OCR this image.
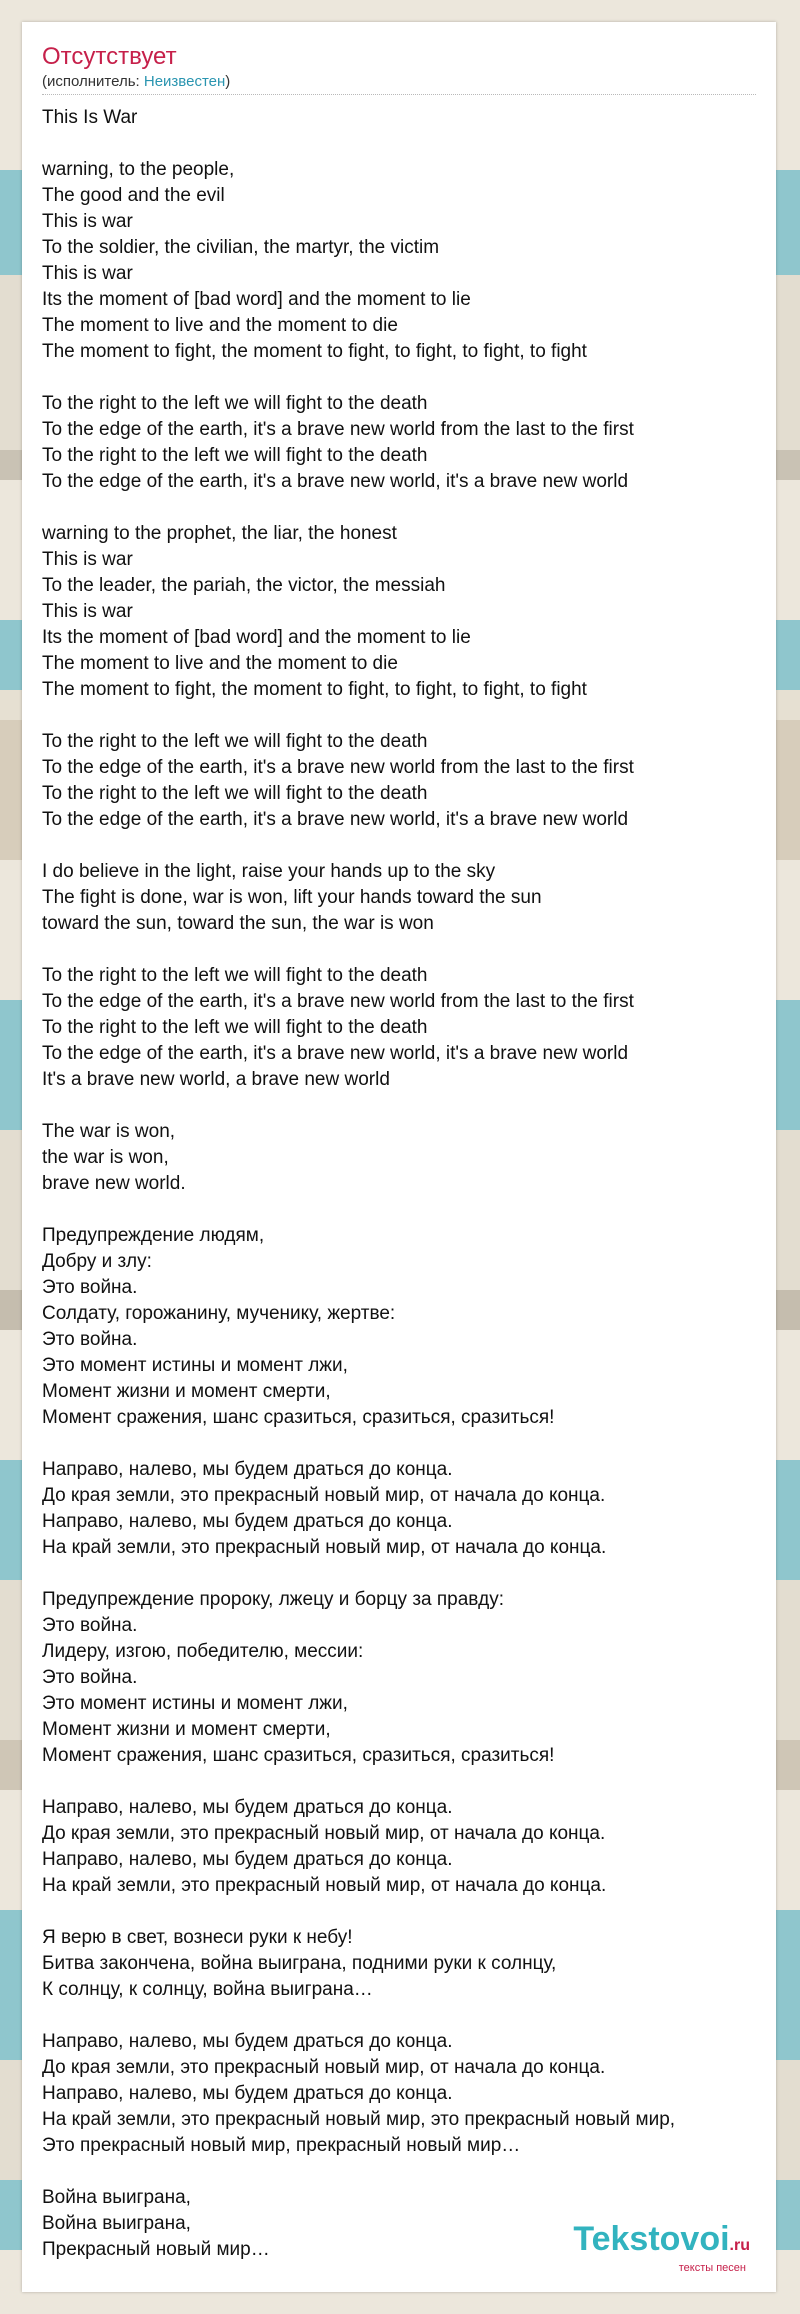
Отсутствует
(исполнитель: Неизвестен)
This Is War

warning, to the people,
The good and the evil
This is war
To the soldier, the civilian, the martyr, the victim
This is war
Its the moment of [bad word] and the moment to lie
The moment to live and the moment to die
The moment to fight, the moment to fight, to fight, to fight, to fight

To the right to the left we will fight to the death
To the edge of the earth, it's a brave new world from the last to the first
To the right to the left we will fight to the death
To the edge of the earth, it's a brave new world, it's a brave new world

warning to the prophet, the liar, the honest
This is war
To the leader, the pariah, the victor, the messiah
This is war
Its the moment of [bad word] and the moment to lie
The moment to live and the moment to die
The moment to fight, the moment to fight, to fight, to fight, to fight

To the right to the left we will fight to the death
To the edge of the earth, it's a brave new world from the last to the first
To the right to the left we will fight to the death
To the edge of the earth, it's a brave new world, it's a brave new world

I do believe in the light, raise your hands up to the sky
The fight is done, war is won, lift your hands toward the sun
toward the sun, toward the sun, the war is won

To the right to the left we will fight to the death
To the edge of the earth, it's a brave new world from the last to the first
To the right to the left we will fight to the death
To the edge of the earth, it's a brave new world, it's a brave new world
It's a brave new world, a brave new world

The war is won,
the war is won,
brave new world.

Предупреждение людям,
Добру и злу:
Это война.
Солдату, горожанину, мученику, жертве:
Это война.
Это момент истины и момент лжи,
Момент жизни и момент смерти,
Момент сражения, шанс сразиться, сразиться, сразиться!

Направо, налево, мы будем драться до конца.
До края земли, это прекрасный новый мир, от начала до конца.
Направо, налево, мы будем драться до конца.
На край земли, это прекрасный новый мир, от начала до конца.

Предупреждение пророку, лжецу и борцу за правду:
Это война.
Лидеру, изгою, победителю, мессии:
Это война.
Это момент истины и момент лжи,
Момент жизни и момент смерти,
Момент сражения, шанс сразиться, сразиться, сразиться!

Направо, налево, мы будем драться до конца.
До края земли, это прекрасный новый мир, от начала до конца.
Направо, налево, мы будем драться до конца.
На край земли, это прекрасный новый мир, от начала до конца.

Я верю в свет, вознеси руки к небу!
Битва закончена, война выиграна, подними руки к солнцу,
К солнцу, к солнцу, война выиграна…

Направо, налево, мы будем драться до конца.
До края земли, это прекрасный новый мир, от начала до конца.
Направо, налево, мы будем драться до конца.
На край земли, это прекрасный новый мир, это прекрасный новый мир,
Это прекрасный новый мир, прекрасный новый мир…

Война выиграна,
Война выиграна,
Прекрасный новый мир…	Tekstovoi.ru
тексты песен
